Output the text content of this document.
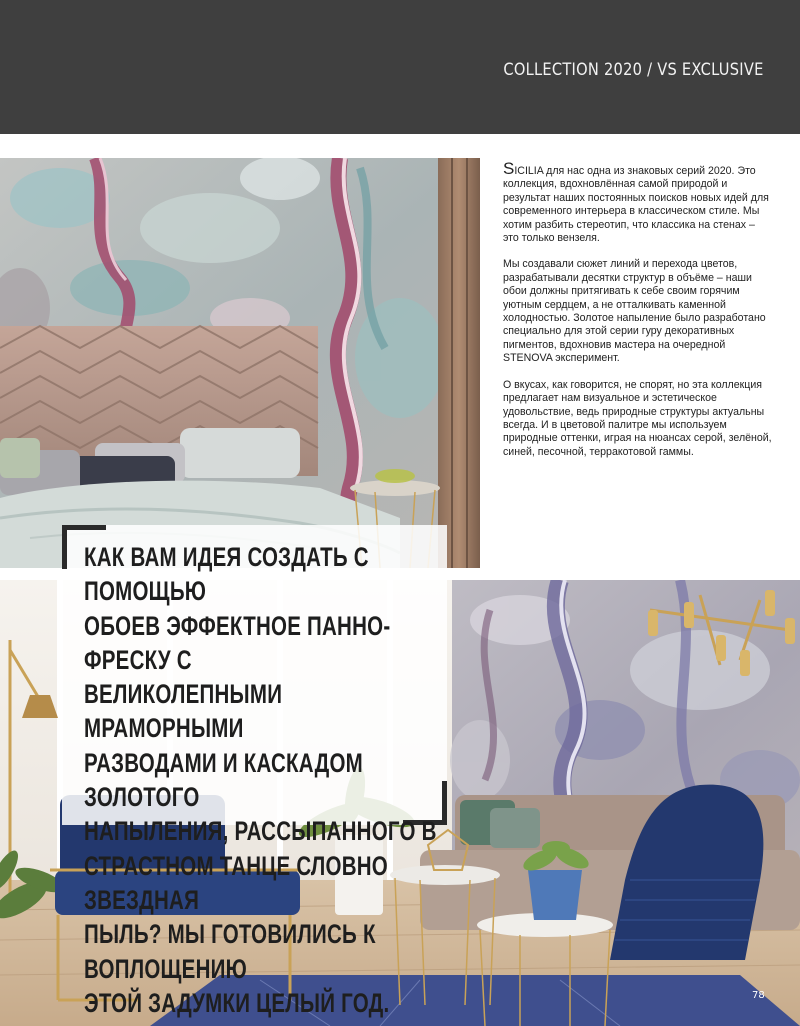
COLLECTION 2020 / VS EXCLUSIVE

SICILIA для нас одна из знаковых серий 2020. Это коллекция, вдохновлённая самой природой и результат наших постоянных поисков новых идей для современного интерьера в классическом стиле. Мы хотим разбить стереотип, что классика на стенах – это только вензеля.

Мы создавали сюжет линий и перехода цветов, разрабатывали десятки структур в объёме – наши обои должны притягивать к себе своим горячим уютным сердцем, а не отталкивать каменной холодностью. Золотое напыление было разработано специально для этой серии гуру декоративных пигментов, вдохновив мастера на очередной STENOVA эксперимент.

О вкусах, как говорится, не спорят, но эта коллекция предлагает нам визуальное и эстетическое удовольствие, ведь природные структуры актуальны всегда. И в цветовой палитре мы используем природные оттенки, играя на нюансах серой, зелёной, синей, песочной, терракотовой гаммы.

КАК ВАМ ИДЕЯ СОЗДАТЬ С ПОМОЩЬЮ
ОБОЕВ ЭФФЕКТНОЕ ПАННО-ФРЕСКУ С
ВЕЛИКОЛЕПНЫМИ МРАМОРНЫМИ
РАЗВОДАМИ И КАСКАДОМ ЗОЛОТОГО
НАПЫЛЕНИЯ, РАССЫПАННОГО В
СТРАСТНОМ ТАНЦЕ СЛОВНО ЗВЕЗДНАЯ
ПЫЛЬ? МЫ ГОТОВИЛИСЬ К ВОПЛОЩЕНИЮ
ЭТОЙ ЗАДУМКИ ЦЕЛЫЙ ГОД.	78
